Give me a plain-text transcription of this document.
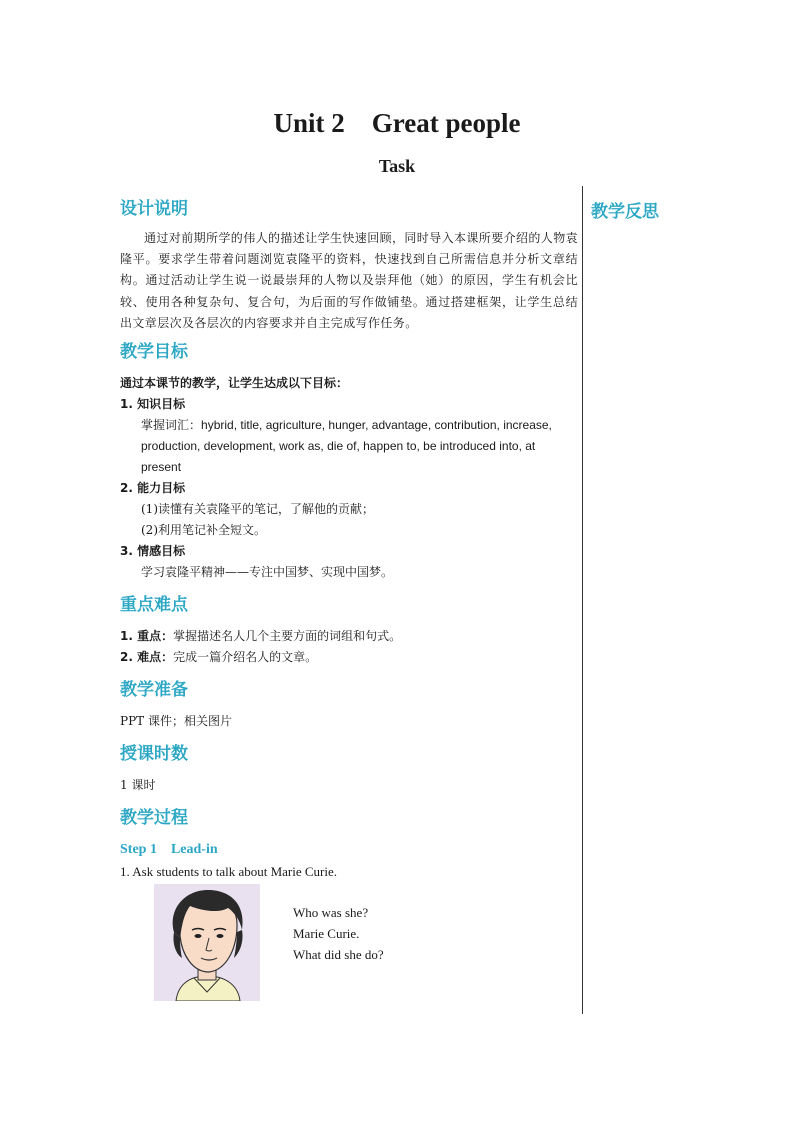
Unit 2    Great people
Task
教学反思
设计说明
通过对前期所学的伟人的描述让学生快速回顾，同时导入本课所要介绍的人物袁隆平。要求学生带着问题浏览袁隆平的资料，快速找到自己所需信息并分析文章结构。通过活动让学生说一说最崇拜的人物以及崇拜他（她）的原因，学生有机会比较、使用各种复杂句、复合句，为后面的写作做铺垫。通过搭建框架，让学生总结出文章层次及各层次的内容要求并自主完成写作任务。
教学目标
通过本课节的教学，让学生达成以下目标：
1. 知识目标
掌握词汇：hybrid, title, agriculture, hunger, advantage, contribution, increase, production, development, work as, die of, happen to, be introduced into, at present
2. 能力目标
(1)读懂有关袁隆平的笔记，了解他的贡献；
(2)利用笔记补全短文。
3. 情感目标
学习袁隆平精神——专注中国梦、实现中国梦。
重点难点
1. 重点：掌握描述名人几个主要方面的词组和句式。
2. 难点：完成一篇介绍名人的文章。
教学准备
PPT 课件；相关图片
授课时数
1 课时
教学过程
Step 1    Lead-in
1. Ask students to talk about Marie Curie.
Who was she?
Marie Curie.
What did she do?
